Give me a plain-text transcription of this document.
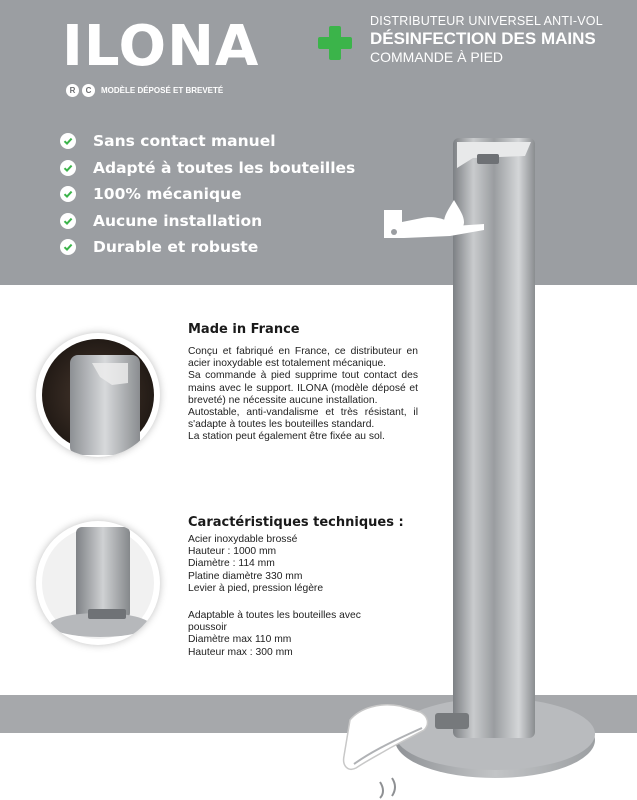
ILONA
R	C	MODÈLE DÉPOSÉ ET BREVETÉ
DISTRIBUTEUR UNIVERSEL ANTI-VOL
DÉSINFECTION DES MAINS
COMMANDE À PIED
Sans contact manuel
Adapté à toutes les bouteilles
100% mécanique
Aucune installation
Durable et robuste
Made in France

Conçu et fabriqué en France, ce distributeur en acier inoxydable est totalement mécanique.

Sa commande à pied supprime tout contact des mains avec le support. ILONA (modèle déposé et breveté) ne nécessite aucune installation.

Autostable, anti-vandalisme et très résistant, il s'adapte à toutes les bouteilles standard.

La station peut également être fixée au sol.

Caractéristiques techniques :
Acier inoxydable brossé
Hauteur : 1000 mm
Diamètre : 114 mm
Platine diamètre 330 mm
Levier à pied, pression légère
Adaptable à toutes les bouteilles avec
poussoir
Diamètre max 110 mm
Hauteur max : 300 mm
